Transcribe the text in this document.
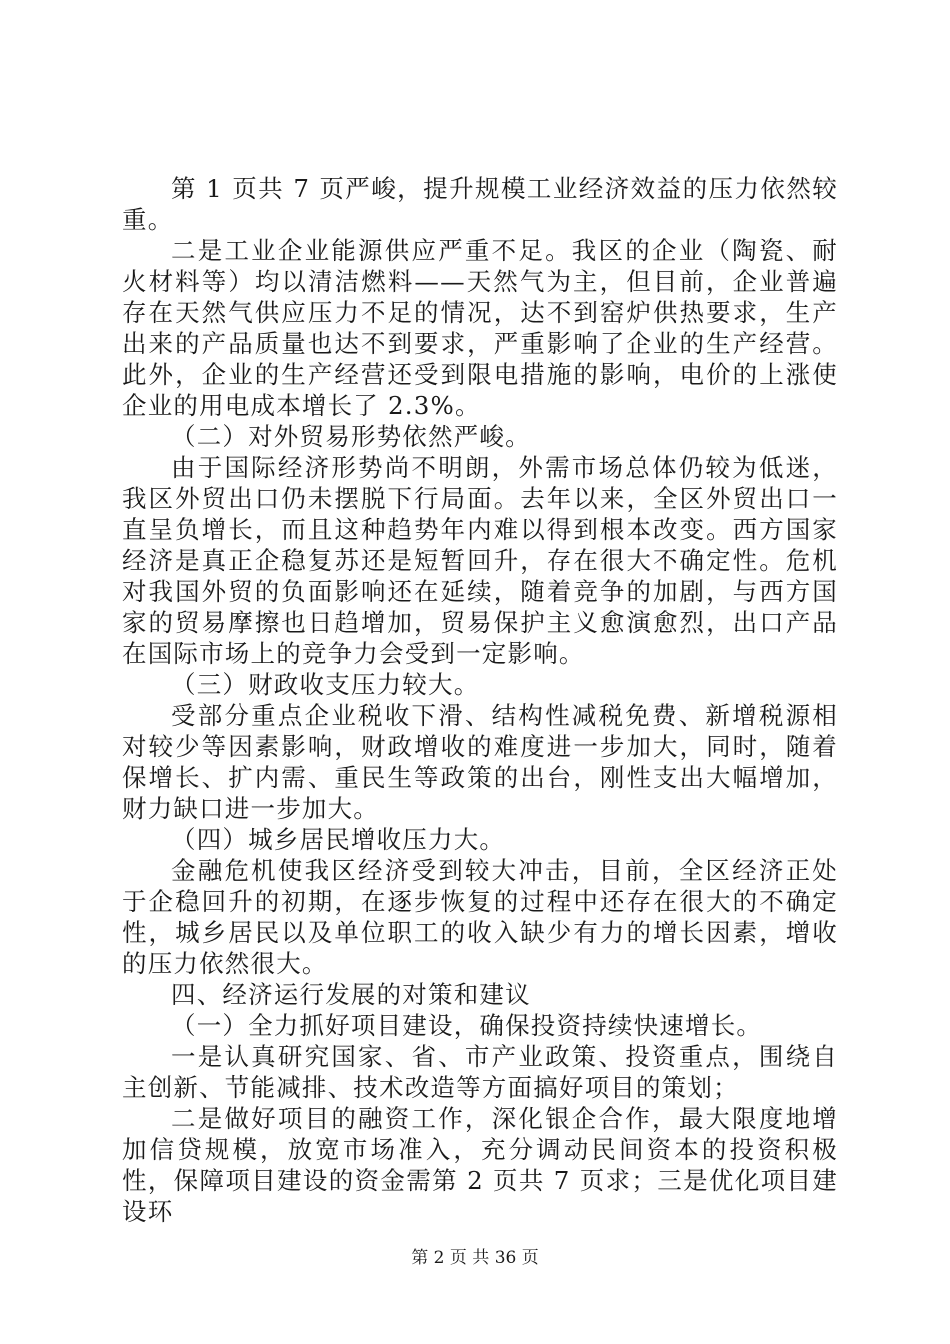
第 1 页共 7 页严峻，提升规模工业经济效益的压力依然较重。

二是工业企业能源供应严重不足。我区的企业（陶瓷、耐火材料等）均以清洁燃料——天然气为主，但目前，企业普遍存在天然气供应压力不足的情况，达不到窑炉供热要求，生产出来的产品质量也达不到要求，严重影响了企业的生产经营。此外，企业的生产经营还受到限电措施的影响，电价的上涨使企业的用电成本增长了 2.3%。

（二）对外贸易形势依然严峻。

由于国际经济形势尚不明朗，外需市场总体仍较为低迷，我区外贸出口仍未摆脱下行局面。去年以来，全区外贸出口一直呈负增长，而且这种趋势年内难以得到根本改变。西方国家经济是真正企稳复苏还是短暂回升，存在很大不确定性。危机对我国外贸的负面影响还在延续，随着竞争的加剧，与西方国家的贸易摩擦也日趋增加，贸易保护主义愈演愈烈，出口产品在国际市场上的竞争力会受到一定影响。

（三）财政收支压力较大。

受部分重点企业税收下滑、结构性减税免费、新增税源相对较少等因素影响，财政增收的难度进一步加大，同时，随着保增长、扩内需、重民生等政策的出台，刚性支出大幅增加，财力缺口进一步加大。

（四）城乡居民增收压力大。

金融危机使我区经济受到较大冲击，目前，全区经济正处于企稳回升的初期，在逐步恢复的过程中还存在很大的不确定性，城乡居民以及单位职工的收入缺少有力的增长因素，增收的压力依然很大。

四、经济运行发展的对策和建议

（一）全力抓好项目建设，确保投资持续快速增长。

一是认真研究国家、省、市产业政策、投资重点，围绕自主创新、节能减排、技术改造等方面搞好项目的策划；

二是做好项目的融资工作，深化银企合作，最大限度地增加信贷规模，放宽市场准入，充分调动民间资本的投资积极性，保障项目建设的资金需第 2 页共 7 页求；三是优化项目建设环

第 2 页 共 36 页
